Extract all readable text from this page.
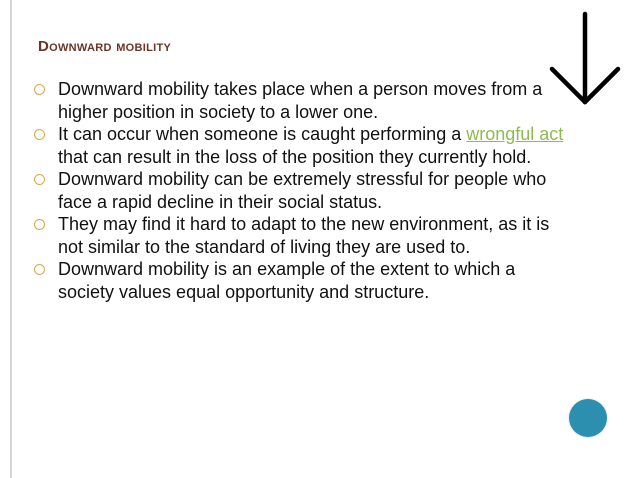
Downward mobility
Downward mobility takes place when a person moves from a higher position in society to a lower one.
It can occur when someone is caught performing a wrongful act that can result in the loss of the position they currently hold.
Downward mobility can be extremely stressful for people who face a rapid decline in their social status.
They may find it hard to adapt to the new environment, as it is not similar to the standard of living they are used to.
Downward mobility is an example of the extent to which a society values equal opportunity and structure.
